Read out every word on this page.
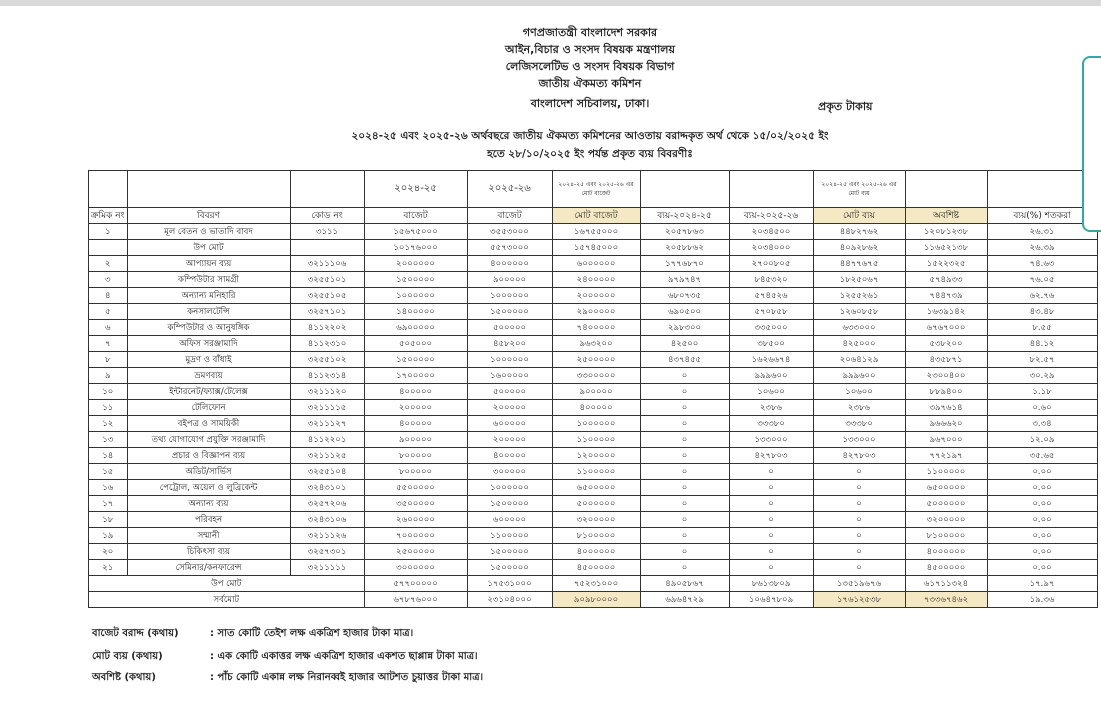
গণপ্রজাতন্ত্রী বাংলাদেশ সরকার
আইন,বিচার ও সংসদ বিষয়ক মন্ত্রণালয়
লেজিসলেটিভ ও সংসদ বিষয়ক বিভাগ
জাতীয় ঐকমত্য কমিশন
বাংলাদেশ সচিবালয়, ঢাকা।	প্রকৃত টাকায়
২০২৪-২৫ এবং ২০২৫-২৬ অর্থবছরে জাতীয় ঐকমত্য কমিশনের আওতায় বরাদ্দকৃত অর্থ থেকে ১৫/০২/২০২৫ ইং
হতে ২৮/১০/২০২৫ ইং পর্যন্ত প্রকৃত ব্যয় বিবরণীঃ
			২০২৪-২৫	২০২৫-২৬	২০২৪-২৫ এবং ২০২৫-২৬ এর মোট বাজেট			২০২৪-২৫ এবং ২০২৫-২৬ এর মোট ব্যয়		
ক্রমিক নং	বিবরণ	কোড নং	বাজেট	বাজেট	মোট বাজেট	ব্যয়-২০২৪-২৫	ব্যয়-২০২৫-২৬	মোট ব্যয়	অবশিষ্ট	ব্যয়(%) শতকরা
১	মূল বেতন ও ভাতাদি বাবদ	৩১১১	১৫৬৭৫০০০	৩৫৫৩০০০	১৬৭৫৫০০০	২০৫৭৮৬৩	২০৩৪৫০০	৪৪৮২৭৬২	১২০৮১২৩৮	২৬.৩১
	উপ মোট		১০১৭৬০০০	৫৫৭৩০০০	১৫৭৪৫০০০	২০৫৮৮৬২	২০৩৪০০০	৪০৯২৮৬২	১১৬৫২১৩৮	২৬.৩৯
২	আপ্যায়ন ব্যয়	৩২১১১০৬	২০০০০০০	৪০০০০০০	৬০০০০০০	১৭৭৬৮৭০	২৭০০৮০৫	৪৪৭৭৬৭৫	১৫২২৩২৫	৭৪.৬৩
৩	কম্পিউটার সামগ্রী	৩২৫৫১০১	১৫০০০০০	৯০০০০০	২৪০০০০০	৯৭৯৭৪৭	৮৪৫৩২০	১৮২৫০৬৭	৫৭৪৯৩৩	৭৬.০৫
৪	অন্যান্য মনিহারি	৩২৫৫১০৫	১০০০০০০	১০০০০০০	২০০০০০০	৬৮০৭৩৫	৫৭৪৫২৬	১২৫৫২৬১	৭৪৪৭৩৯	৬২.৭৬
৫	কনসালটেন্সি	৩২৫৭১০১	১৪০০০০০	১৫০০০০০	২৯০০০০০	৬৯০৫০০	৫৭০৮৫৮	১২৬০৮৫৮	১৬৩৯১৪২	৪৩.৪৮
৬	কম্পিউটার ও আনুষঙ্গিক	৪১১২২০২	৬৯০০০০০	৫০০০০০	৭৪০০০০০	২৯৮৩০০	৩৩৫০০০	৬৩৩০০০	৬৭৬৭০০০	৮.৫৫
৭	অফিস সরঞ্জামাদি	৪১১২৩১০	৫০৫০০০	৪৫৮২০০	৯৬৩২০০	৪২৫০০	৩৮৫০০	৪২৫০০০	৫৩৮২০০	৪৪.১২
৮	মুদ্রণ ও বাঁধাই	৩২৫৫১০২	১৫০০০০০	১০০০০০০	২৫০০০০০	৪৩৭৪৫৫	১৬২৬৬৭৪	২০৬৪১২৯	৪৩৫৮৭১	৮২.৫৭
৯	ভ্রমণব্যয়	৪১১২৩১৪	১৭০০০০০	১৬০০০০০	৩৩০০০০০	০	৯৯৯৬০০	৯৯৯৬০০	২৩০০৪০০	৩০.২৯
১০	ইন্টারনেট/ফ্যাক্স/টেলেক্স	৩২১১১২০	৪০০০০০	৫০০০০০	৯০০০০০	০	১০৬০০	১০৬০০	৮৮৯৪০০	১.১৮
১১	টেলিফোন	৩২১১১১৫	২০০০০০	২০০০০০	৪০০০০০	০	২৩৮৬	২৩৮৬	৩৯৭৬১৪	০.৬০
১২	বইপত্র ও সাময়িকী	৩২১১১২৭	৪০০০০০	৬০০০০০	১০০০০০০	০	৩৩৩৮০	৩৩৩৮০	৯৬৬৬২০	৩.৩৪
১৩	তথ্য যোগাযোগ প্রযুক্তি সরঞ্জামাদি	৪১১২২০১	৯০০০০০	২০০০০০	১১০০০০০	০	১৩৩০০০	১৩৩০০০	৯৬৭০০০	১২.০৯
১৪	প্রচার ও বিজ্ঞাপন ব্যয়	৩২১১১২৫	৮০০০০০	৪০০০০০	১২০০০০০	০	৪২৭৮০৩	৪২৭৮০৩	৭৭২১৯৭	৩৫.৬৫
১৫	অডিট/সার্ভিস	৩২৫৫১০৪	৮০০০০০	৩০০০০০	১১০০০০০	০	০	০	১১০০০০০	০.০০
১৬	পেট্রোল, অয়েল ও লুব্রিকেন্ট	৩২৪৩১০১	৫৫০০০০০	১০০০০০০	৬৫০০০০০	০	০	০	৬৫০০০০০	০.০০
১৭	অন্যান্য ব্যয়	৩২৫৭২০৬	৩৫০০০০০	১৫০০০০০	৫০০০০০০	০	০	০	৫০০০০০০	০.০০
১৮	পরিবহন	৩২৪৩১০৬	২৬০০০০০	৬০০০০০	৩২০০০০০	০	০	০	৩২০০০০০	০.০০
১৯	সম্মানী	৩২১১১২৬	৭০০০০০০	১১০০০০০	৮১০০০০০	০	০	০	৮১০০০০০	০.০০
২০	চিকিৎসা ব্যয়	৩২৫৭৩০১	২৫০০০০০	১৫০০০০০	৪০০০০০০	০	০	০	৪০০০০০০	০.০০
২১	সেমিনার/কনফারেন্স	৩২১১১১১	৩০০০০০০	১৫০০০০০	৪৫০০০০০	০	০	০	৪৫০০০০০	০.০০
উপ মোট			৫৭৭০০০০০	১৭৫৩১০০০	৭৫২৩১০০০	৪৯০৫৮৬৭	৮৬১৩৮০৯	১৩৫১৯৬৭৬	৬১৭১১৩২৪	১৭.৯৭
সর্বমোট			৬৭৮৭৬০০০	২৩১০৪০০০	৯০৯৮০০০০	৬৯৬৪৭২৯	১০৬৪৭৮০৯	১৭৬১২৫৩৮	৭৩৩৬৭৪৬২	১৯.৩৬
বাজেট বরাদ্দ (কথায়)	: সাত কোটি তেইশ লক্ষ একত্রিশ হাজার টাকা মাত্র।
মোট ব্যয় (কথায়)	: এক কোটি একাত্তর লক্ষ একত্রিশ হাজার একশত ছাপ্পান্ন টাকা মাত্র।
অবশিষ্ট (কথায়)	: পাঁচ কোটি একান্ন লক্ষ নিরানব্বই হাজার আটশত চুয়াত্তর টাকা মাত্র।
